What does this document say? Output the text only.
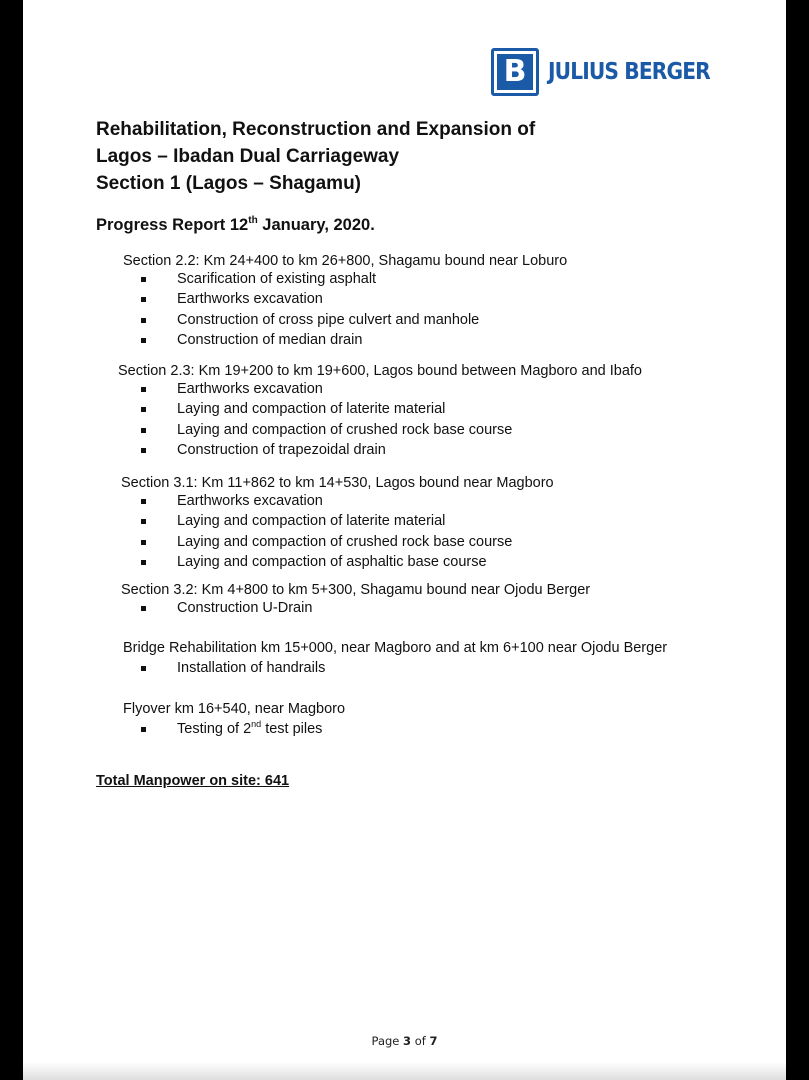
B JULIUS BERGER
Rehabilitation, Reconstruction and Expansion of
Lagos – Ibadan Dual Carriageway
Section 1 (Lagos – Shagamu)
Progress Report 12th January, 2020.
Section 2.2: Km 24+400 to km 26+800, Shagamu bound near Loburo
Scarification of existing asphalt
Earthworks excavation
Construction of cross pipe culvert and manhole
Construction of median drain
Section 2.3: Km 19+200 to km 19+600, Lagos bound between Magboro and Ibafo
Earthworks excavation
Laying and compaction of laterite material
Laying and compaction of crushed rock base course
Construction of trapezoidal drain
Section 3.1: Km 11+862 to km 14+530, Lagos bound near Magboro
Earthworks excavation
Laying and compaction of laterite material
Laying and compaction of crushed rock base course
Laying and compaction of asphaltic base course
Section 3.2: Km 4+800 to km 5+300, Shagamu bound near Ojodu Berger
Construction U-Drain
Bridge Rehabilitation km 15+000, near Magboro and at km 6+100 near Ojodu Berger
Installation of handrails
Flyover km 16+540, near Magboro
Testing of 2nd test piles
Total Manpower on site: 641
Page 3 of 7
